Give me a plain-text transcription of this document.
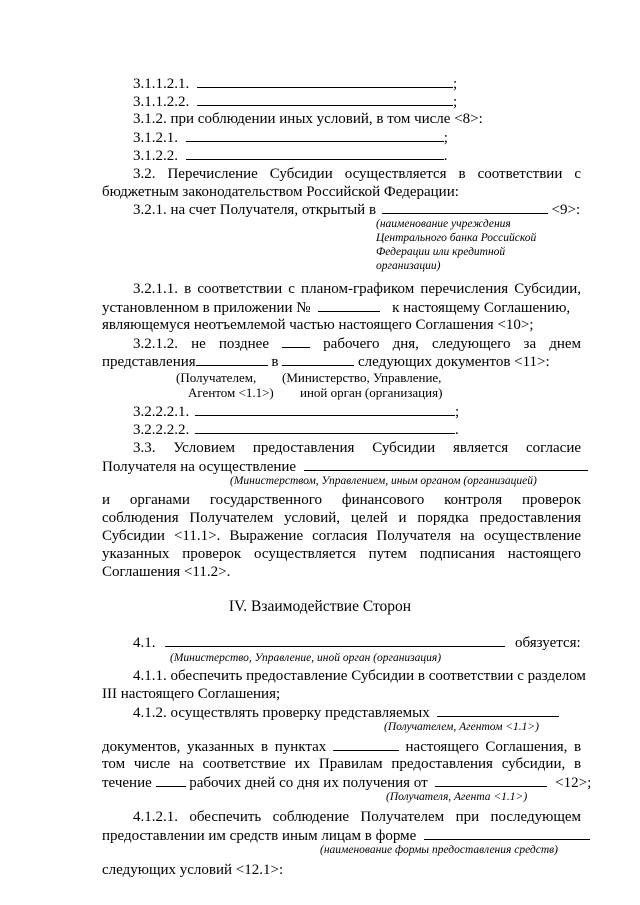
3.1.1.2.1.	;
3.1.1.2.2.	;
3.1.2. при соблюдении иных условий, в том числе <8>:
3.1.2.1.	;
3.1.2.2.	.
3.2. Перечисление Субсидии осуществляется в соответствии с
бюджетным законодательством Российской Федерации:
3.2.1. на счет Получателя, открытый в	<9>:
(наименование учреждения
Центрального банка Российской
Федерации или кредитной
организации)
3.2.1.1. в соответствии с планом-графиком перечисления Субсидии,
установленном в приложении №	к настоящему Соглашению,
являющемуся неотъемлемой частью настоящего Соглашения <10>;
3.2.1.2. не позднее	рабочего дня, следующего за днем
представления	в	следующих документов <11>:
(Получателем,
Агентом <1.1>)
(Министерство, Управление,
иной орган (организация)
3.2.2.2.1.	;
3.2.2.2.2.	.
3.3. Условием предоставления Субсидии является согласие
Получателя на осуществление
(Министерством, Управлением, иным органом (организацией)
и органами государственного финансового контроля проверок
соблюдения Получателем условий, целей и порядка предоставления
Субсидии <11.1>. Выражение согласия Получателя на осуществление
указанных проверок осуществляется путем подписания настоящего
Соглашения <11.2>.
IV. Взаимодействие Сторон
4.1.	обязуется:
(Министерство, Управление, иной орган (организация)
4.1.1. обеспечить предоставление Субсидии в соответствии с разделом
III настоящего Соглашения;
4.1.2. осуществлять проверку представляемых
(Получателем, Агентом <1.1>)
документов, указанных в пунктах	настоящего Соглашения, в
том числе на соответствие их Правилам предоставления субсидии, в
течение	рабочих дней со дня их получения от	<12>;
(Получателя, Агента <1.1>)
4.1.2.1. обеспечить соблюдение Получателем при последующем
предоставлении им средств иным лицам в форме
(наименование формы предоставления средств)
следующих условий <12.1>:
